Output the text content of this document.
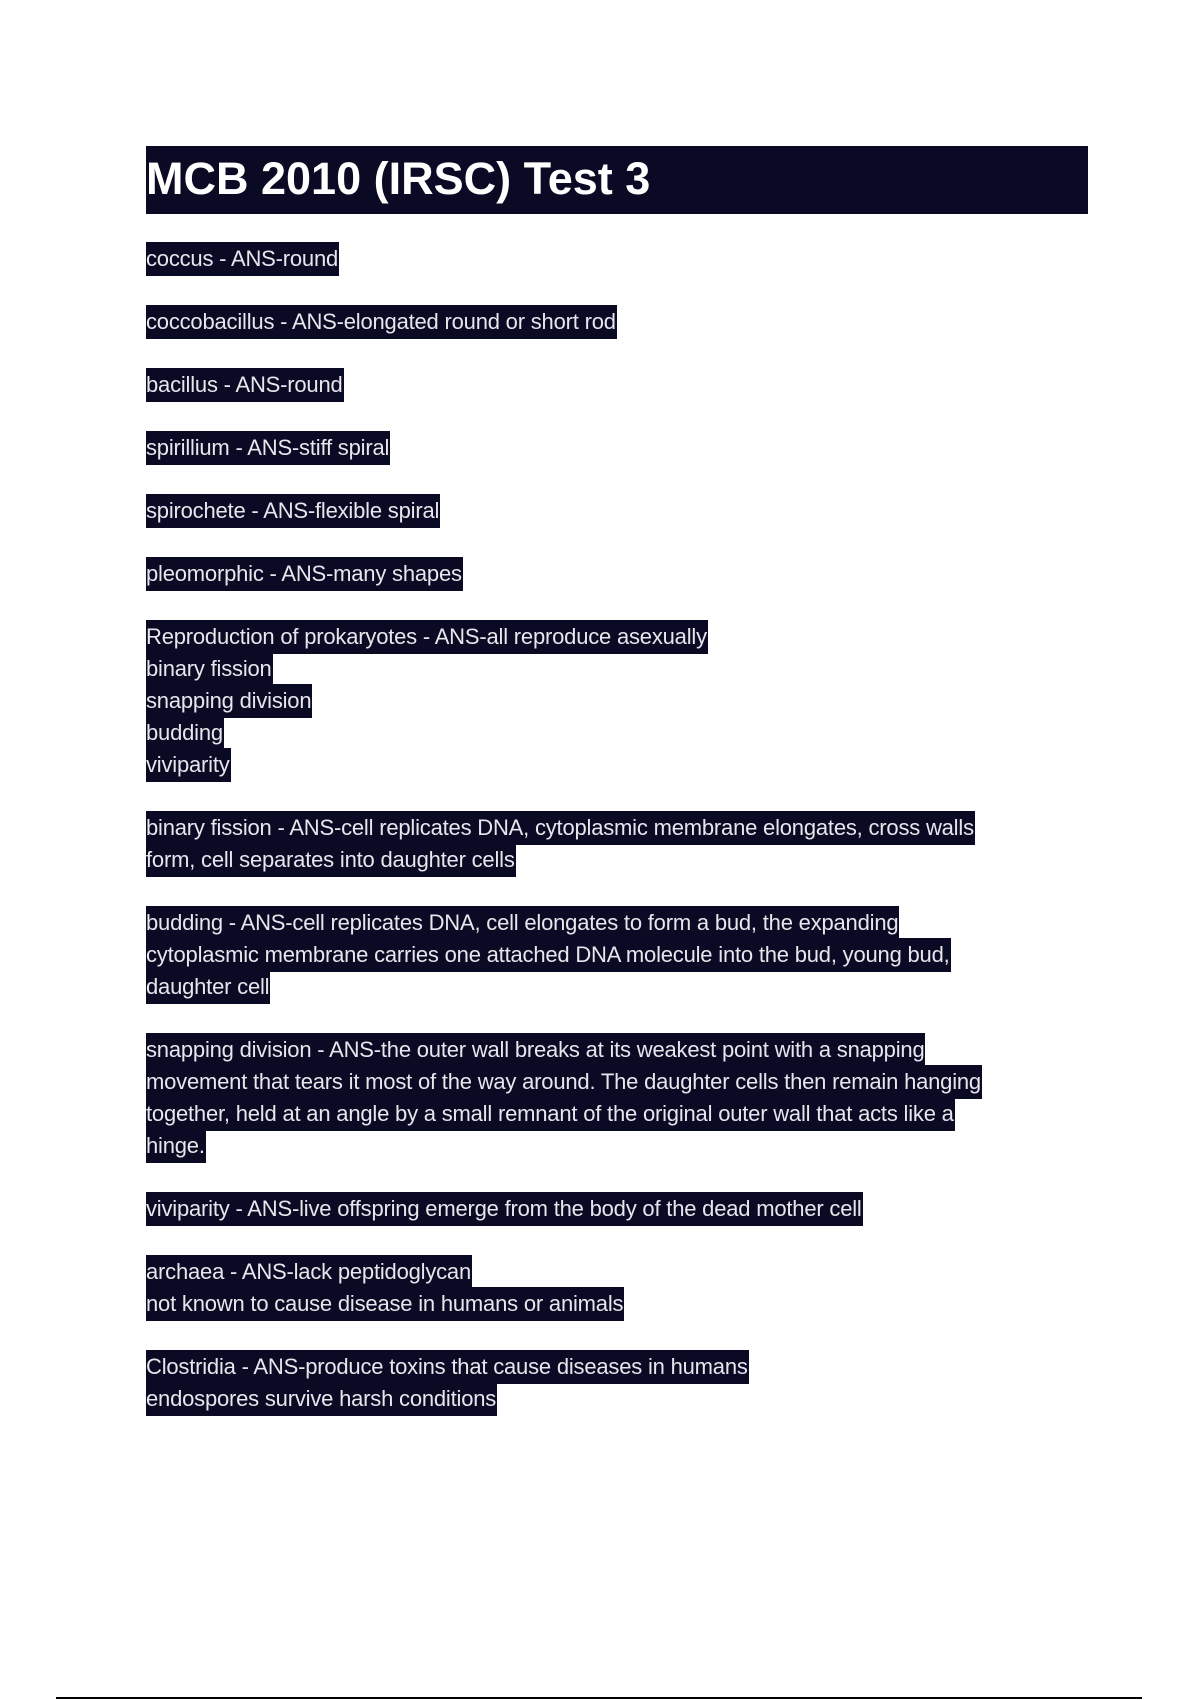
MCB 2010 (IRSC) Test 3
coccus - ANS-round
coccobacillus - ANS-elongated round or short rod
bacillus - ANS-round
spirillium - ANS-stiff spiral
spirochete - ANS-flexible spiral
pleomorphic - ANS-many shapes
Reproduction of prokaryotes - ANS-all reproduce asexually
binary fission
snapping division
budding
viviparity
binary fission - ANS-cell replicates DNA, cytoplasmic membrane elongates, cross walls
form, cell separates into daughter cells
budding - ANS-cell replicates DNA, cell elongates to form a bud, the expanding
cytoplasmic membrane carries one attached DNA molecule into the bud, young bud,
daughter cell
snapping division - ANS-the outer wall breaks at its weakest point with a snapping
movement that tears it most of the way around. The daughter cells then remain hanging
together, held at an angle by a small remnant of the original outer wall that acts like a
hinge.
viviparity - ANS-live offspring emerge from the body of the dead mother cell
archaea - ANS-lack peptidoglycan
not known to cause disease in humans or animals
Clostridia - ANS-produce toxins that cause diseases in humans
endospores survive harsh conditions
